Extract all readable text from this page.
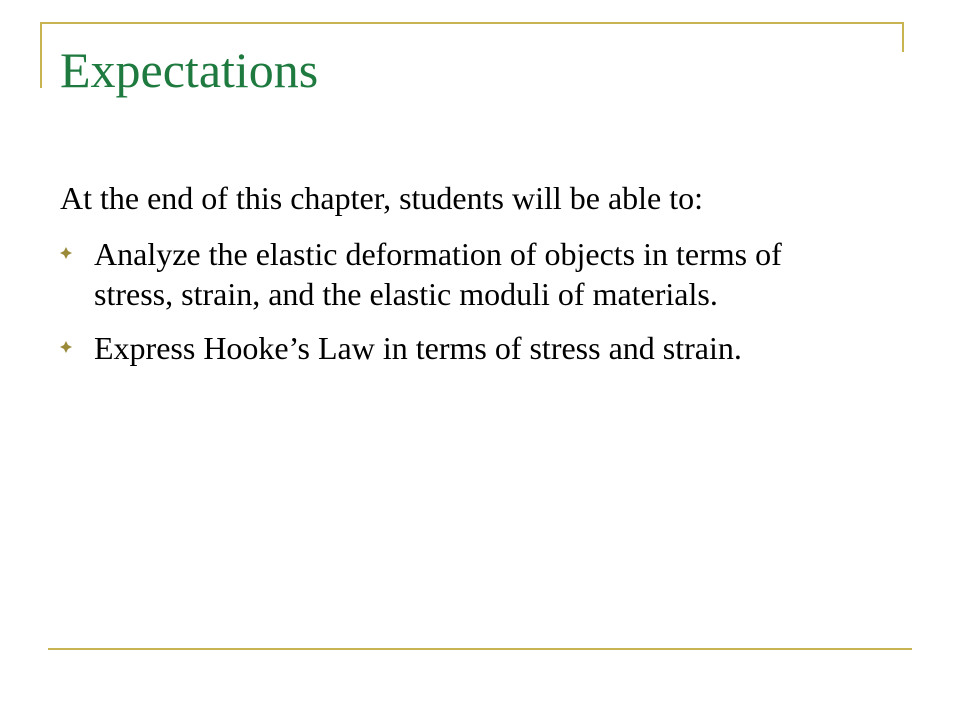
Expectations

At the end of this chapter, students will be able to:

Analyze the elastic deformation of objects in terms of stress, strain, and the elastic moduli of materials.
Express Hooke’s Law in terms of stress and strain.
